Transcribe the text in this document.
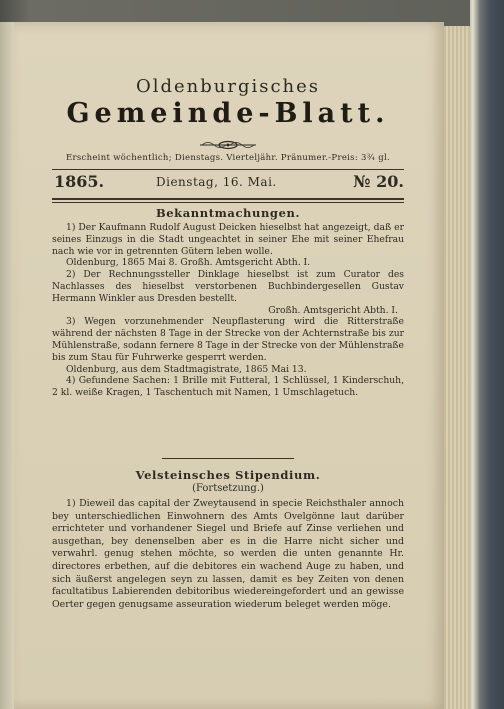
Oldenburgisches
Gemeinde-Blatt.
Erscheint wöchentlich; Dienstags. Vierteljähr. Pränumer.-Preis: 3¾ gl.
1865.	Dienstag, 16. Mai.	№ 20.
Bekanntmachungen.

1) Der Kaufmann Rudolf August Deicken hieselbst hat angezeigt, daß er seines Einzugs in die Stadt ungeachtet in seiner Ehe mit seiner Ehefrau nach wie vor in getrennten Gütern leben wolle.

Oldenburg, 1865 Mai 8. Großh. Amtsgericht Abth. I.

2) Der Rechnungssteller Dinklage hieselbst ist zum Curator des Nachlasses des hieselbst verstorbenen Buchbindergesellen Gustav Hermann Winkler aus Dresden bestellt.

Großh. Amtsgericht Abth. I.

3) Wegen vorzunehmender Neupflasterung wird die Ritterstraße während der nächsten 8 Tage in der Strecke von der Achternstraße bis zur Mühlenstraße, sodann fernere 8 Tage in der Strecke von der Mühlenstraße bis zum Stau für Fuhrwerke gesperrt werden.

Oldenburg, aus dem Stadtmagistrate, 1865 Mai 13.

4) Gefundene Sachen: 1 Brille mit Futteral, 1 Schlüssel, 1 Kinderschuh, 2 kl. weiße Kragen, 1 Taschentuch mit Namen, 1 Umschlagetuch.

Velsteinsches Stipendium.
(Fortsetzung.)

1) Dieweil das capital der Zweytausend in specie Reichsthaler annoch bey unterschiedlichen Einwohnern des Amts Ovelgönne laut darüber errichteter und vorhandener Siegel und Briefe auf Zinse verliehen und ausgethan, bey denenselben aber es in die Harre nicht sicher und verwahrl. genug stehen möchte, so werden die unten genannte Hr. directores erbethen, auf die debitores ein wachend Auge zu haben, und sich äußerst angelegen seyn zu lassen, damit es bey Zeiten von denen facultatibus Labierenden debitoribus wiedereingefordert und an gewisse Oerter gegen genugsame asseuration wiederum beleget werden möge.
